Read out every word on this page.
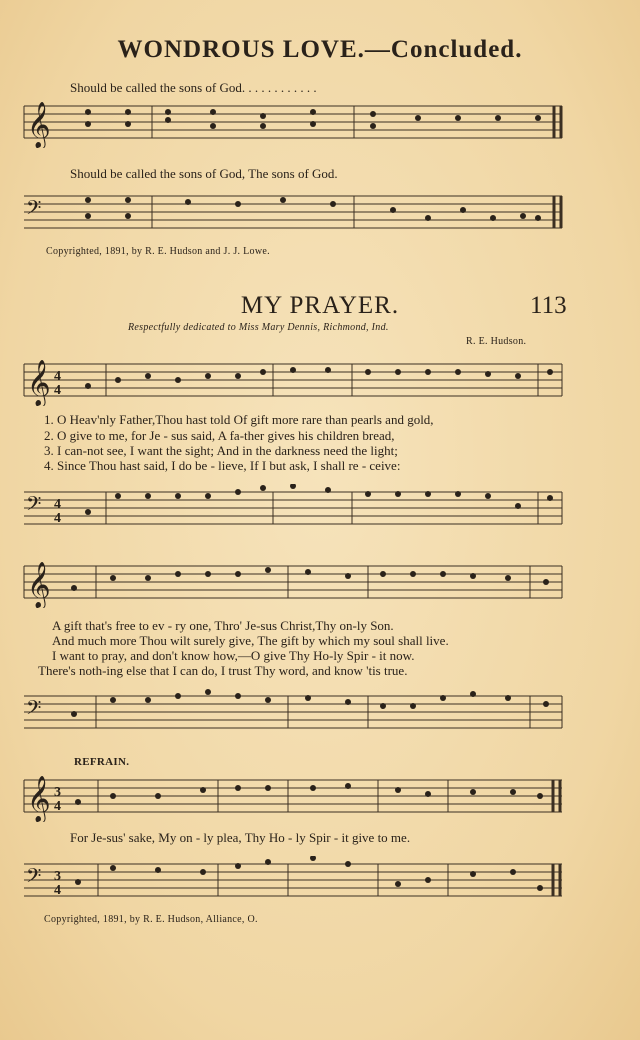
WONDROUS LOVE.—Concluded.
𝄞
Should be called the sons of God. . . . . . . . . . . .
Should be called the sons of God, The sons of God.
𝄢
Copyrighted, 1891, by R. E. Hudson and J. J. Lowe.
MY PRAYER.	113
Respectfully dedicated to Miss Mary Dennis, Richmond, Ind.
R. E. Hudson.
𝄞 4
4
1. O Heav'nly Father,Thou hast told Of gift more rare than pearls and gold,
2. O give to me, for Je - sus said, A fa-ther gives his children bread,
3. I can-not see, I want the sight; And in the darkness need the light;
4. Since Thou hast said, I do be - lieve, If I but ask, I shall re - ceive:
𝄢 4
4
𝄞
A gift that's free to ev - ry one, Thro' Je-sus Christ,Thy on-ly Son.
And much more Thou wilt surely give, The gift by which my soul shall live.
I want to pray, and don't know how,—O give Thy Ho-ly Spir - it now.
There's noth-ing else that I can do, I trust Thy word, and know 'tis true.
𝄢
REFRAIN.
𝄞 3
4
For Je-sus' sake, My on - ly plea, Thy Ho - ly Spir - it give to me.
𝄢 3
4
Copyrighted, 1891, by R. E. Hudson, Alliance, O.
